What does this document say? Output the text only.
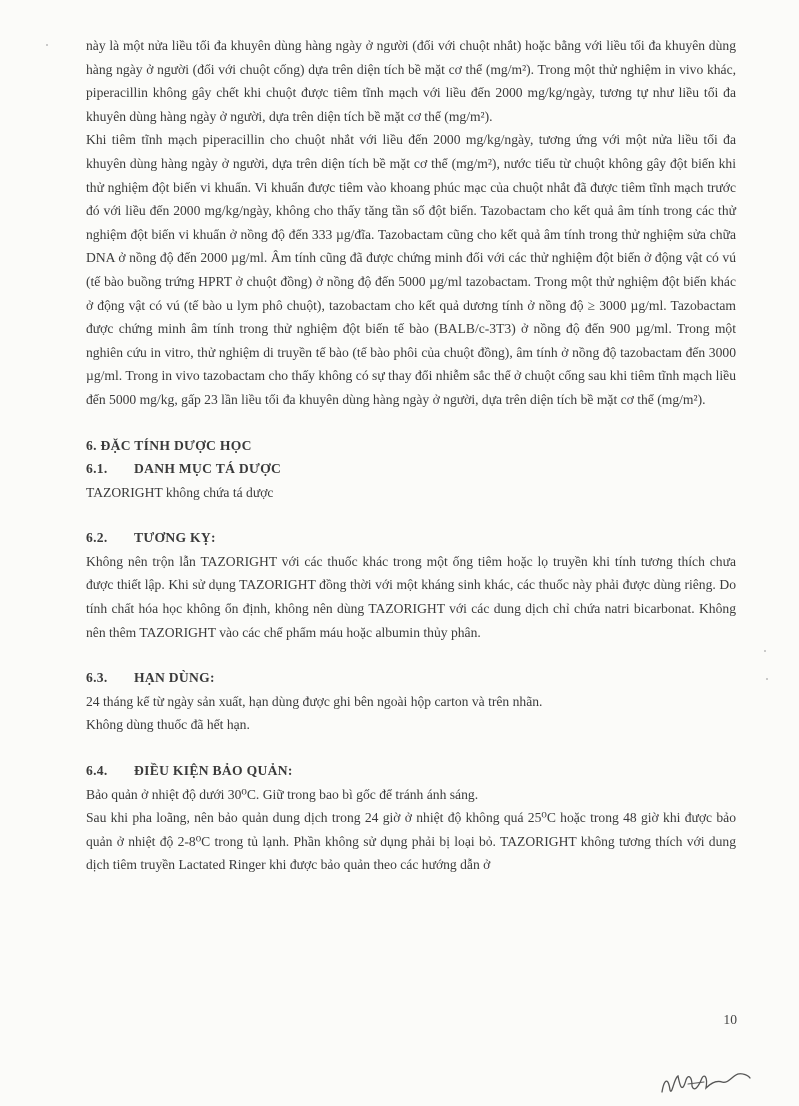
này là một nửa liều tối đa khuyên dùng hàng ngày ở người (đối với chuột nhắt) hoặc bằng với liều tối đa khuyên dùng hàng ngày ở người (đối với chuột cống) dựa trên diện tích bề mặt cơ thể (mg/m²). Trong một thử nghiệm in vivo khác, piperacillin không gây chết khi chuột được tiêm tĩnh mạch với liều đến 2000 mg/kg/ngày, tương tự như liều tối đa khuyên dùng hàng ngày ở người, dựa trên diện tích bề mặt cơ thể (mg/m²).

Khi tiêm tĩnh mạch piperacillin cho chuột nhắt với liều đến 2000 mg/kg/ngày, tương ứng với một nửa liều tối đa khuyên dùng hàng ngày ở người, dựa trên diện tích bề mặt cơ thể (mg/m²), nước tiểu từ chuột không gây đột biến khi thử nghiệm đột biến vi khuẩn. Vi khuẩn được tiêm vào khoang phúc mạc của chuột nhắt đã được tiêm tĩnh mạch trước đó với liều đến 2000 mg/kg/ngày, không cho thấy tăng tần số đột biến. Tazobactam cho kết quả âm tính trong các thử nghiệm đột biến vi khuẩn ở nồng độ đến 333 µg/đĩa. Tazobactam cũng cho kết quả âm tính trong thử nghiệm sửa chữa DNA ở nồng độ đến 2000 µg/ml. Âm tính cũng đã được chứng minh đối với các thử nghiệm đột biến ở động vật có vú (tế bào buồng trứng HPRT ở chuột đồng) ở nồng độ đến 5000 µg/ml tazobactam. Trong một thử nghiệm đột biến khác ở động vật có vú (tế bào u lym phô chuột), tazobactam cho kết quả dương tính ở nồng độ ≥ 3000 µg/ml. Tazobactam được chứng minh âm tính trong thử nghiệm đột biến tế bào (BALB/c-3T3) ở nồng độ đến 900 µg/ml. Trong một nghiên cứu in vitro, thử nghiệm di truyền tế bào (tế bào phôi của chuột đồng), âm tính ở nồng độ tazobactam đến 3000 µg/ml. Trong in vivo tazobactam cho thấy không có sự thay đổi nhiễm sắc thể ở chuột cống sau khi tiêm tĩnh mạch liều đến 5000 mg/kg, gấp 23 lần liều tối đa khuyên dùng hàng ngày ở người, dựa trên diện tích bề mặt cơ thể (mg/m²).

6. ĐẶC TÍNH DƯỢC HỌC

6.1. DANH MỤC TÁ DƯỢC

TAZORIGHT không chứa tá dược

6.2. TƯƠNG KỴ:

Không nên trộn lẫn TAZORIGHT với các thuốc khác trong một ống tiêm hoặc lọ truyền khi tính tương thích chưa được thiết lập. Khi sử dụng TAZORIGHT đồng thời với một kháng sinh khác, các thuốc này phải được dùng riêng. Do tính chất hóa học không ổn định, không nên dùng TAZORIGHT với các dung dịch chỉ chứa natri bicarbonat. Không nên thêm TAZORIGHT vào các chế phẩm máu hoặc albumin thủy phân.

6.3. HẠN DÙNG:

24 tháng kể từ ngày sản xuất, hạn dùng được ghi bên ngoài hộp carton và trên nhãn.

Không dùng thuốc đã hết hạn.

6.4. ĐIỀU KIỆN BẢO QUẢN:

Bảo quản ở nhiệt độ dưới 30⁰C. Giữ trong bao bì gốc để tránh ánh sáng.

Sau khi pha loãng, nên bảo quản dung dịch trong 24 giờ ở nhiệt độ không quá 25⁰C hoặc trong 48 giờ khi được bảo quản ở nhiệt độ 2-8⁰C trong tủ lạnh. Phần không sử dụng phải bị loại bỏ. TAZORIGHT không tương thích với dung dịch tiêm truyền Lactated Ringer khi được bảo quản theo các hướng dẫn ở

10
